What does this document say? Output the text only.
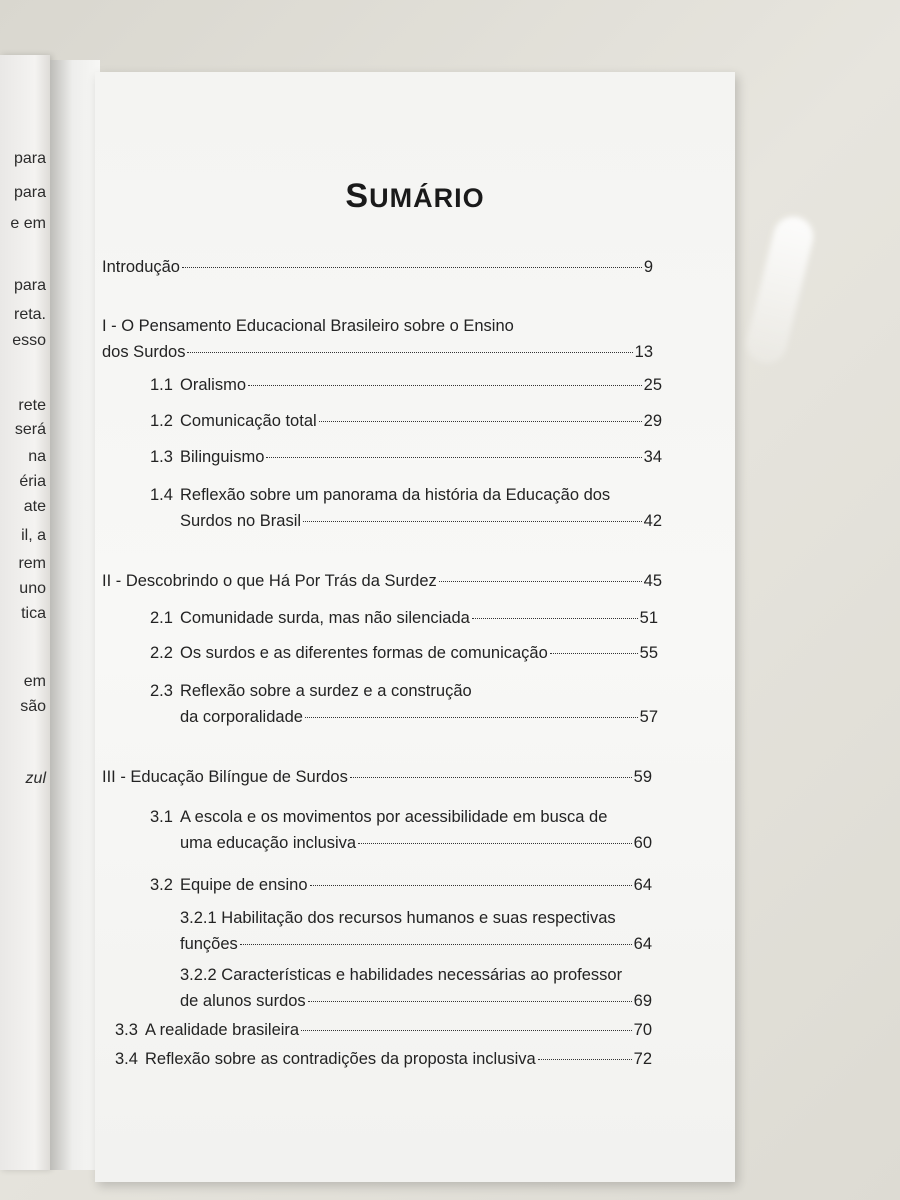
para
para
e em
para
reta.
esso
rete
será
na
éria
ate
il, a
rem
uno
tica
em
são
zul
SUMÁRIO
Introdução	9
I - O Pensamento Educacional Brasileiro sobre o Ensino
dos Surdos	13
1.1 Oralismo	25
1.2 Comunicação total	29
1.3 Bilinguismo	34
1.4 Reflexão sobre um panorama da história da Educação dos
Surdos no Brasil	42
II - Descobrindo o que Há Por Trás da Surdez	45
2.1 Comunidade surda, mas não silenciada	51
2.2 Os surdos e as diferentes formas de comunicação	55
2.3 Reflexão sobre a surdez e a construção
da corporalidade	57
III - Educação Bilíngue de Surdos	59
3.1 A escola e os movimentos por acessibilidade em busca de
uma educação inclusiva	60
3.2 Equipe de ensino	64
3.2.1 Habilitação dos recursos humanos e suas respectivas
funções	64
3.2.2 Características e habilidades necessárias ao professor
de alunos surdos	69
3.3 A realidade brasileira	70
3.4 Reflexão sobre as contradições da proposta inclusiva	72
